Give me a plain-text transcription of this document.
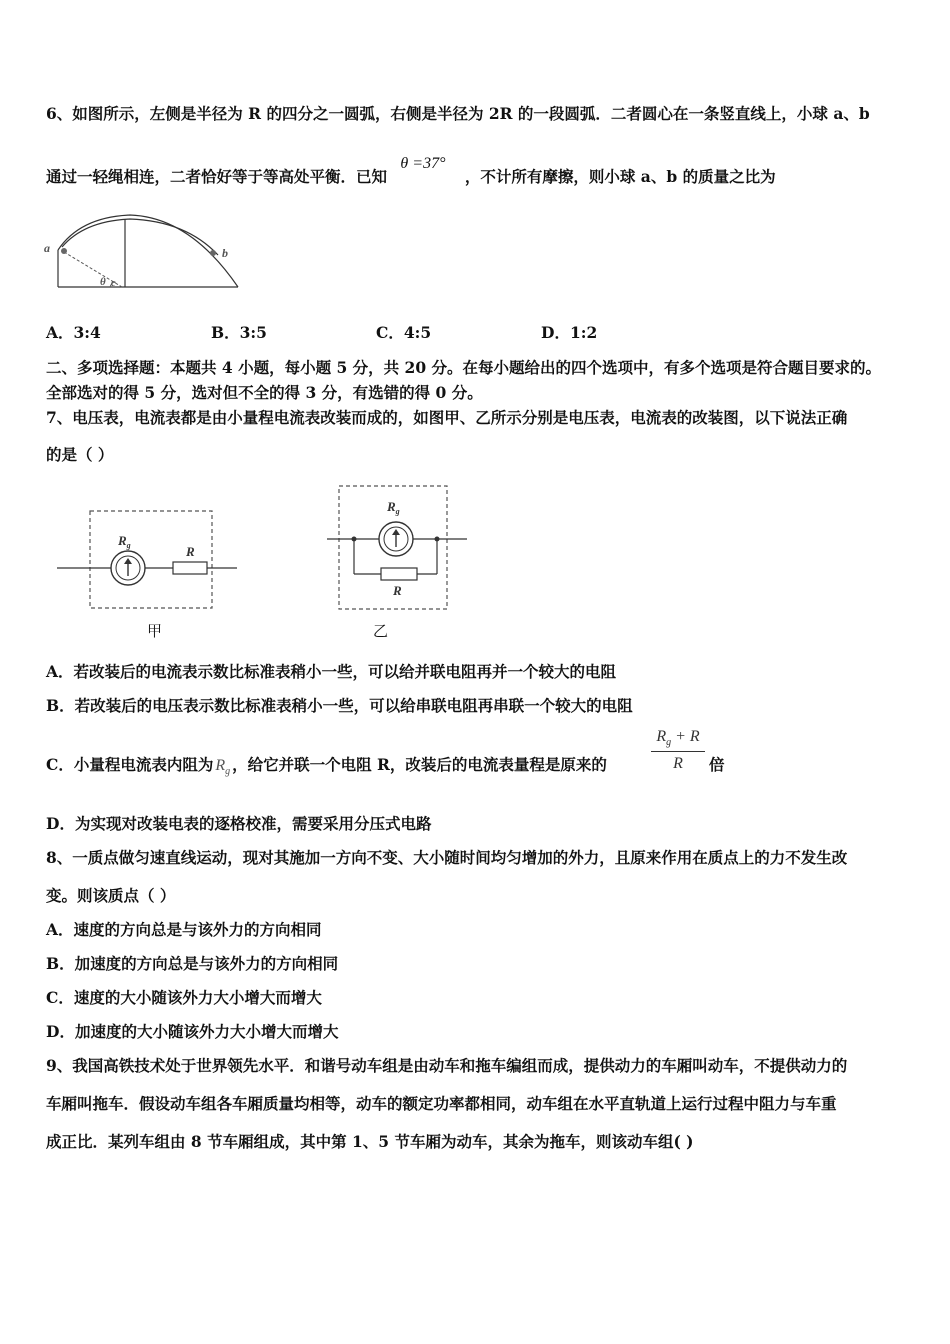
6、如图所示，左侧是半径为 R 的四分之一圆弧，右侧是半径为 2R 的一段圆弧．二者圆心在一条竖直线上，小球 a、b
通过一轻绳相连，二者恰好等于等高处平衡．已知 θ =37° ，不计所有摩擦，则小球 a、b 的质量之比为
a	b
θ c
A．3:4	B．3:5	C．4:5	D．1:2
二、多项选择题：本题共 4 小题，每小题 5 分，共 20 分。在每小题给出的四个选项中，有多个选项是符合题目要求的。
全部选对的得 5 分，选对但不全的得 3 分，有选错的得 0 分。
7、电压表，电流表都是由小量程电流表改装而成的，如图甲、乙所示分别是电压表，电流表的改装图，以下说法正确
的是（ ）
$R_g$	R
甲
$R_g$
R
乙
A．若改装后的电流表示数比标准表稍小一些，可以给并联电阻再并一个较大的电阻
B．若改装后的电压表示数比标准表稍小一些，可以给串联电阻再串联一个较大的电阻
C．小量程电流表内阻为 $R_g$ ，给它并联一个电阻 R，改装后的电流表量程是原来的
$R_g + R$
R	倍
D．为实现对改装电表的逐格校准，需要采用分压式电路
8、一质点做匀速直线运动，现对其施加一方向不变、大小随时间均匀增加的外力，且原来作用在质点上的力不发生改
变。则该质点（ ）
A．速度的方向总是与该外力的方向相同
B．加速度的方向总是与该外力的方向相同
C．速度的大小随该外力大小增大而增大
D．加速度的大小随该外力大小增大而增大
9、我国高铁技术处于世界领先水平．和谐号动车组是由动车和拖车编组而成，提供动力的车厢叫动车，不提供动力的
车厢叫拖车．假设动车组各车厢质量均相等，动车的额定功率都相同，动车组在水平直轨道上运行过程中阻力与车重
成正比．某列车组由 8 节车厢组成，其中第 1、5 节车厢为动车，其余为拖车，则该动车组( )
